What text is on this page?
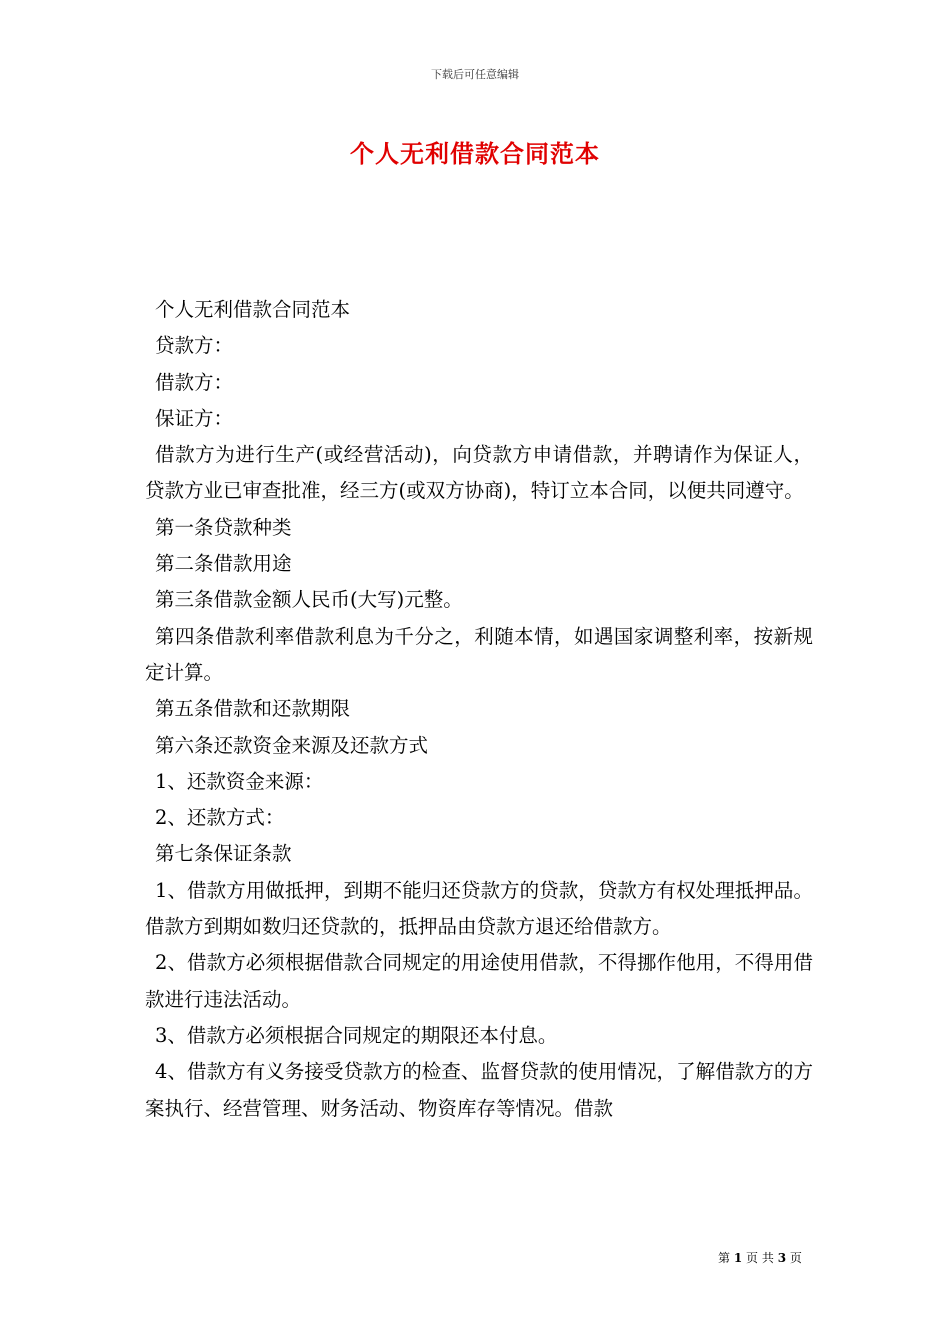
下载后可任意编辑
个人无利借款合同范本

个人无利借款合同范本

贷款方：

借款方：

保证方：

借款方为进行生产(或经营活动)，向贷款方申请借款，并聘请作为保证人，贷款方业已审查批准，经三方(或双方协商)，特订立本合同，以便共同遵守。

第一条贷款种类

第二条借款用途

第三条借款金额人民币(大写)元整。

第四条借款利率借款利息为千分之，利随本情，如遇国家调整利率，按新规定计算。

第五条借款和还款期限

第六条还款资金来源及还款方式

1、还款资金来源：

2、还款方式：

第七条保证条款

1、借款方用做抵押，到期不能归还贷款方的贷款，贷款方有权处理抵押品。借款方到期如数归还贷款的，抵押品由贷款方退还给借款方。

2、借款方必须根据借款合同规定的用途使用借款，不得挪作他用，不得用借款进行违法活动。

3、借款方必须根据合同规定的期限还本付息。

4、借款方有义务接受贷款方的检查、监督贷款的使用情况，了解借款方的方案执行、经营管理、财务活动、物资库存等情况。借款

第 1 页 共 3 页
